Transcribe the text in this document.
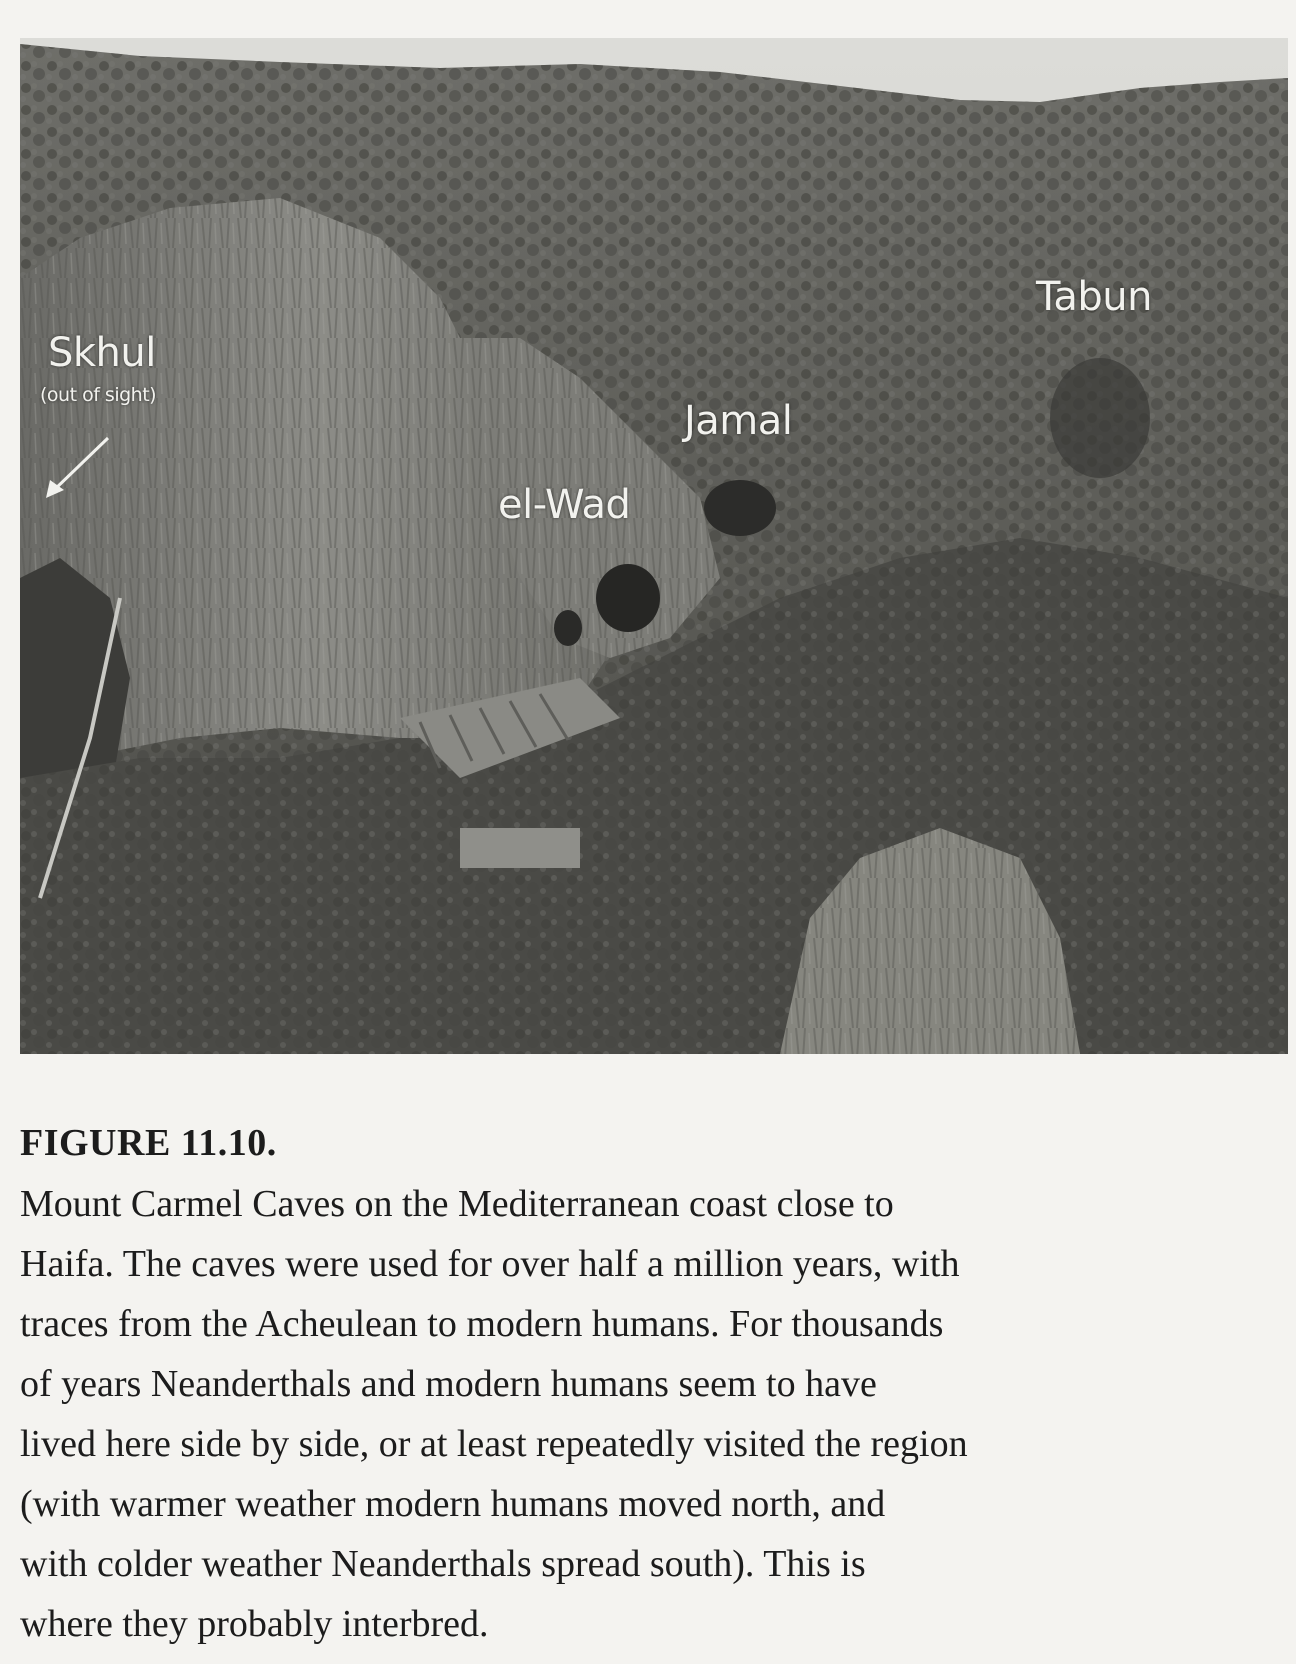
Skhul
(out of sight)
Tabun
Jamal
el-Wad
FIGURE 11.10.
Mount Carmel Caves on the Mediterranean coast close to
Haifa. The caves were used for over half a million years, with
traces from the Acheulean to modern humans. For thousands
of years Neanderthals and modern humans seem to have
lived here side by side, or at least repeatedly visited the region
(with warmer weather modern humans moved north, and
with colder weather Neanderthals spread south). This is
where they probably interbred.
